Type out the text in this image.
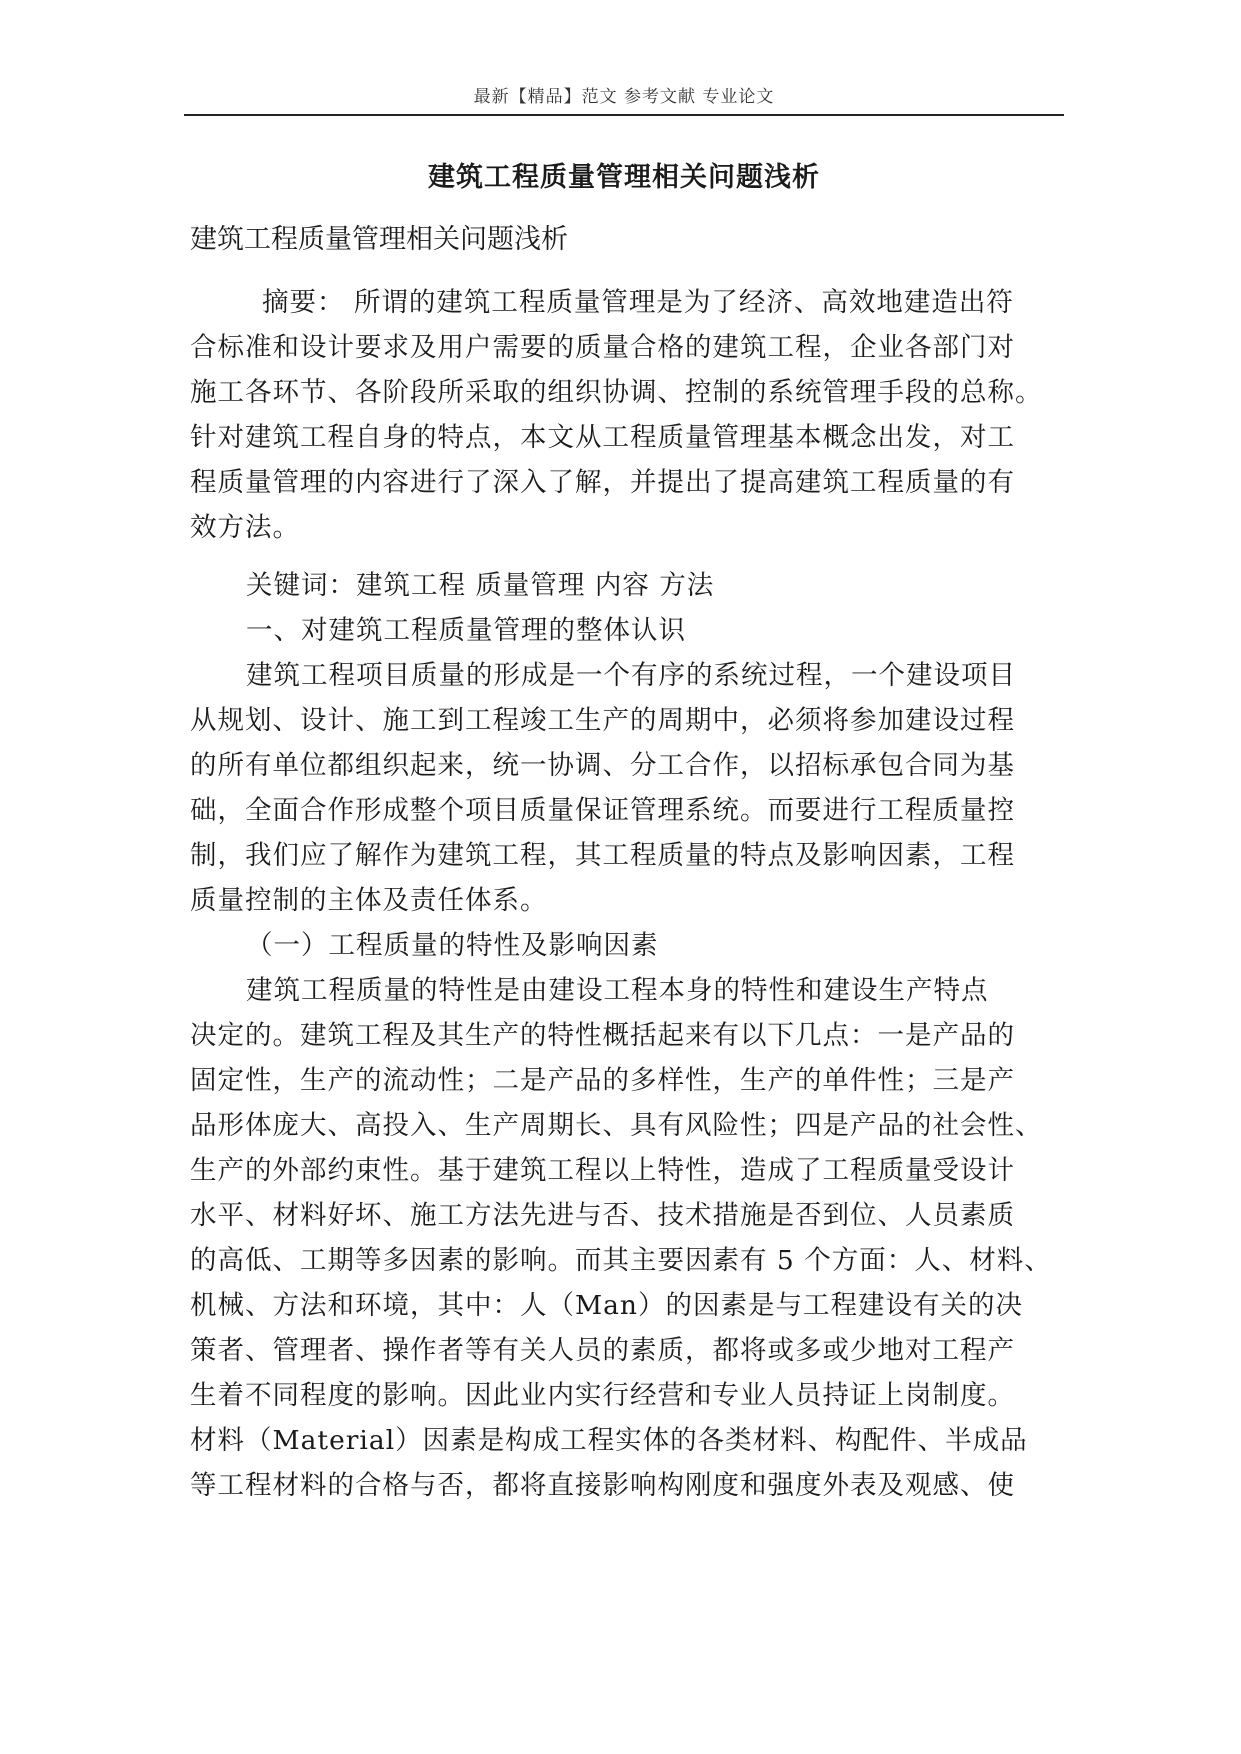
最新【精品】范文 参考文献 专业论文
建筑工程质量管理相关问题浅析
建筑工程质量管理相关问题浅析
摘要： 所谓的建筑工程质量管理是为了经济、高效地建造出符
合标准和设计要求及用户需要的质量合格的建筑工程，企业各部门对
施工各环节、各阶段所采取的组织协调、控制的系统管理手段的总称。
针对建筑工程自身的特点，本文从工程质量管理基本概念出发，对工
程质量管理的内容进行了深入了解，并提出了提高建筑工程质量的有
效方法。
关键词：建筑工程 质量管理 内容 方法
一、对建筑工程质量管理的整体认识
建筑工程项目质量的形成是一个有序的系统过程，一个建设项目
从规划、设计、施工到工程竣工生产的周期中，必须将参加建设过程
的所有单位都组织起来，统一协调、分工合作，以招标承包合同为基
础，全面合作形成整个项目质量保证管理系统。而要进行工程质量控
制，我们应了解作为建筑工程，其工程质量的特点及影响因素，工程
质量控制的主体及责任体系。
（一）工程质量的特性及影响因素
建筑工程质量的特性是由建设工程本身的特性和建设生产特点
决定的。建筑工程及其生产的特性概括起来有以下几点：一是产品的
固定性，生产的流动性；二是产品的多样性，生产的单件性；三是产
品形体庞大、高投入、生产周期长、具有风险性；四是产品的社会性、
生产的外部约束性。基于建筑工程以上特性，造成了工程质量受设计
水平、材料好坏、施工方法先进与否、技术措施是否到位、人员素质
的高低、工期等多因素的影响。而其主要因素有 5 个方面：人、材料、
机械、方法和环境，其中：人（Man）的因素是与工程建设有关的决
策者、管理者、操作者等有关人员的素质，都将或多或少地对工程产
生着不同程度的影响。因此业内实行经营和专业人员持证上岗制度。
材料（Material）因素是构成工程实体的各类材料、构配件、半成品
等工程材料的合格与否，都将直接影响构刚度和强度外表及观感、使
